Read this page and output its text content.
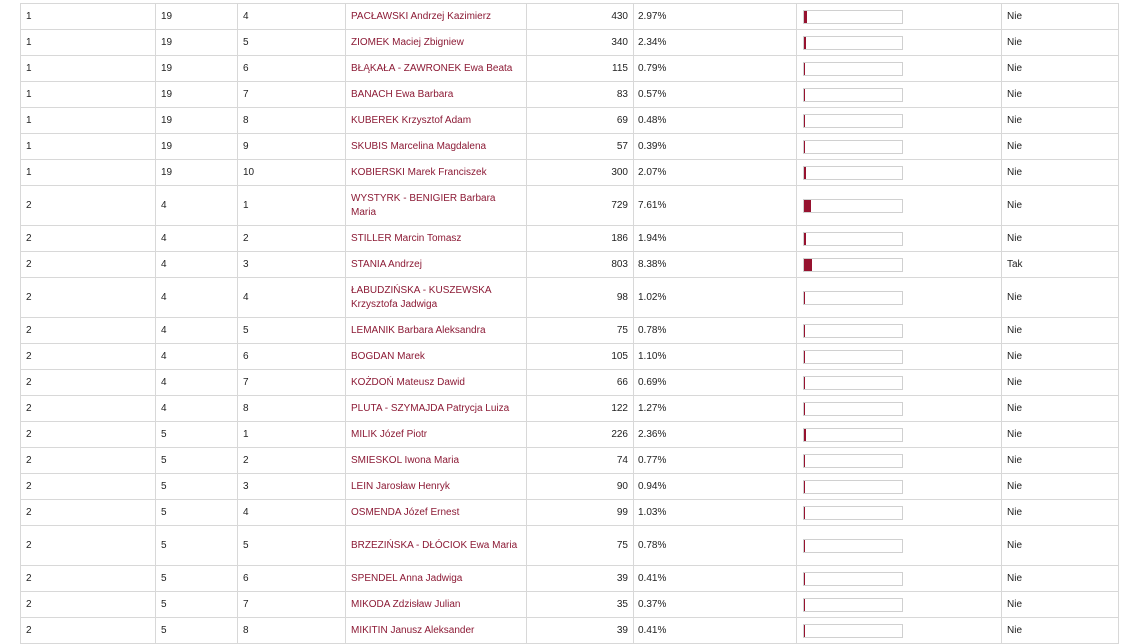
1	19	4	PACŁAWSKI Andrzej Kazimierz	430	2.97%		Nie
1	19	5	ZIOMEK Maciej Zbigniew	340	2.34%		Nie
1	19	6	BŁĄKAŁA - ZAWRONEK Ewa Beata	115	0.79%		Nie
1	19	7	BANACH Ewa Barbara	83	0.57%		Nie
1	19	8	KUBEREK Krzysztof Adam	69	0.48%		Nie
1	19	9	SKUBIS Marcelina Magdalena	57	0.39%		Nie
1	19	10	KOBIERSKI Marek Franciszek	300	2.07%		Nie
2	4	1	WYSTYRK - BENIGIER Barbara Maria	729	7.61%		Nie
2	4	2	STILLER Marcin Tomasz	186	1.94%		Nie
2	4	3	STANIA Andrzej	803	8.38%		Tak
2	4	4	ŁABUDZIŃSKA - KUSZEWSKA Krzysztofa Jadwiga	98	1.02%		Nie
2	4	5	LEMANIK Barbara Aleksandra	75	0.78%		Nie
2	4	6	BOGDAN Marek	105	1.10%		Nie
2	4	7	KOŻDOŃ Mateusz Dawid	66	0.69%		Nie
2	4	8	PLUTA - SZYMAJDA Patrycja Luiza	122	1.27%		Nie
2	5	1	MILIK Józef Piotr	226	2.36%		Nie
2	5	2	SMIESKOL Iwona Maria	74	0.77%		Nie
2	5	3	LEIN Jarosław Henryk	90	0.94%		Nie
2	5	4	OSMENDA Józef Ernest	99	1.03%		Nie
2	5	5	BRZEZIŃSKA - DŁÓCIOK Ewa Maria	75	0.78%		Nie
2	5	6	SPENDEL Anna Jadwiga	39	0.41%		Nie
2	5	7	MIKODA Zdzisław Julian	35	0.37%		Nie
2	5	8	MIKITIN Janusz Aleksander	39	0.41%		Nie
